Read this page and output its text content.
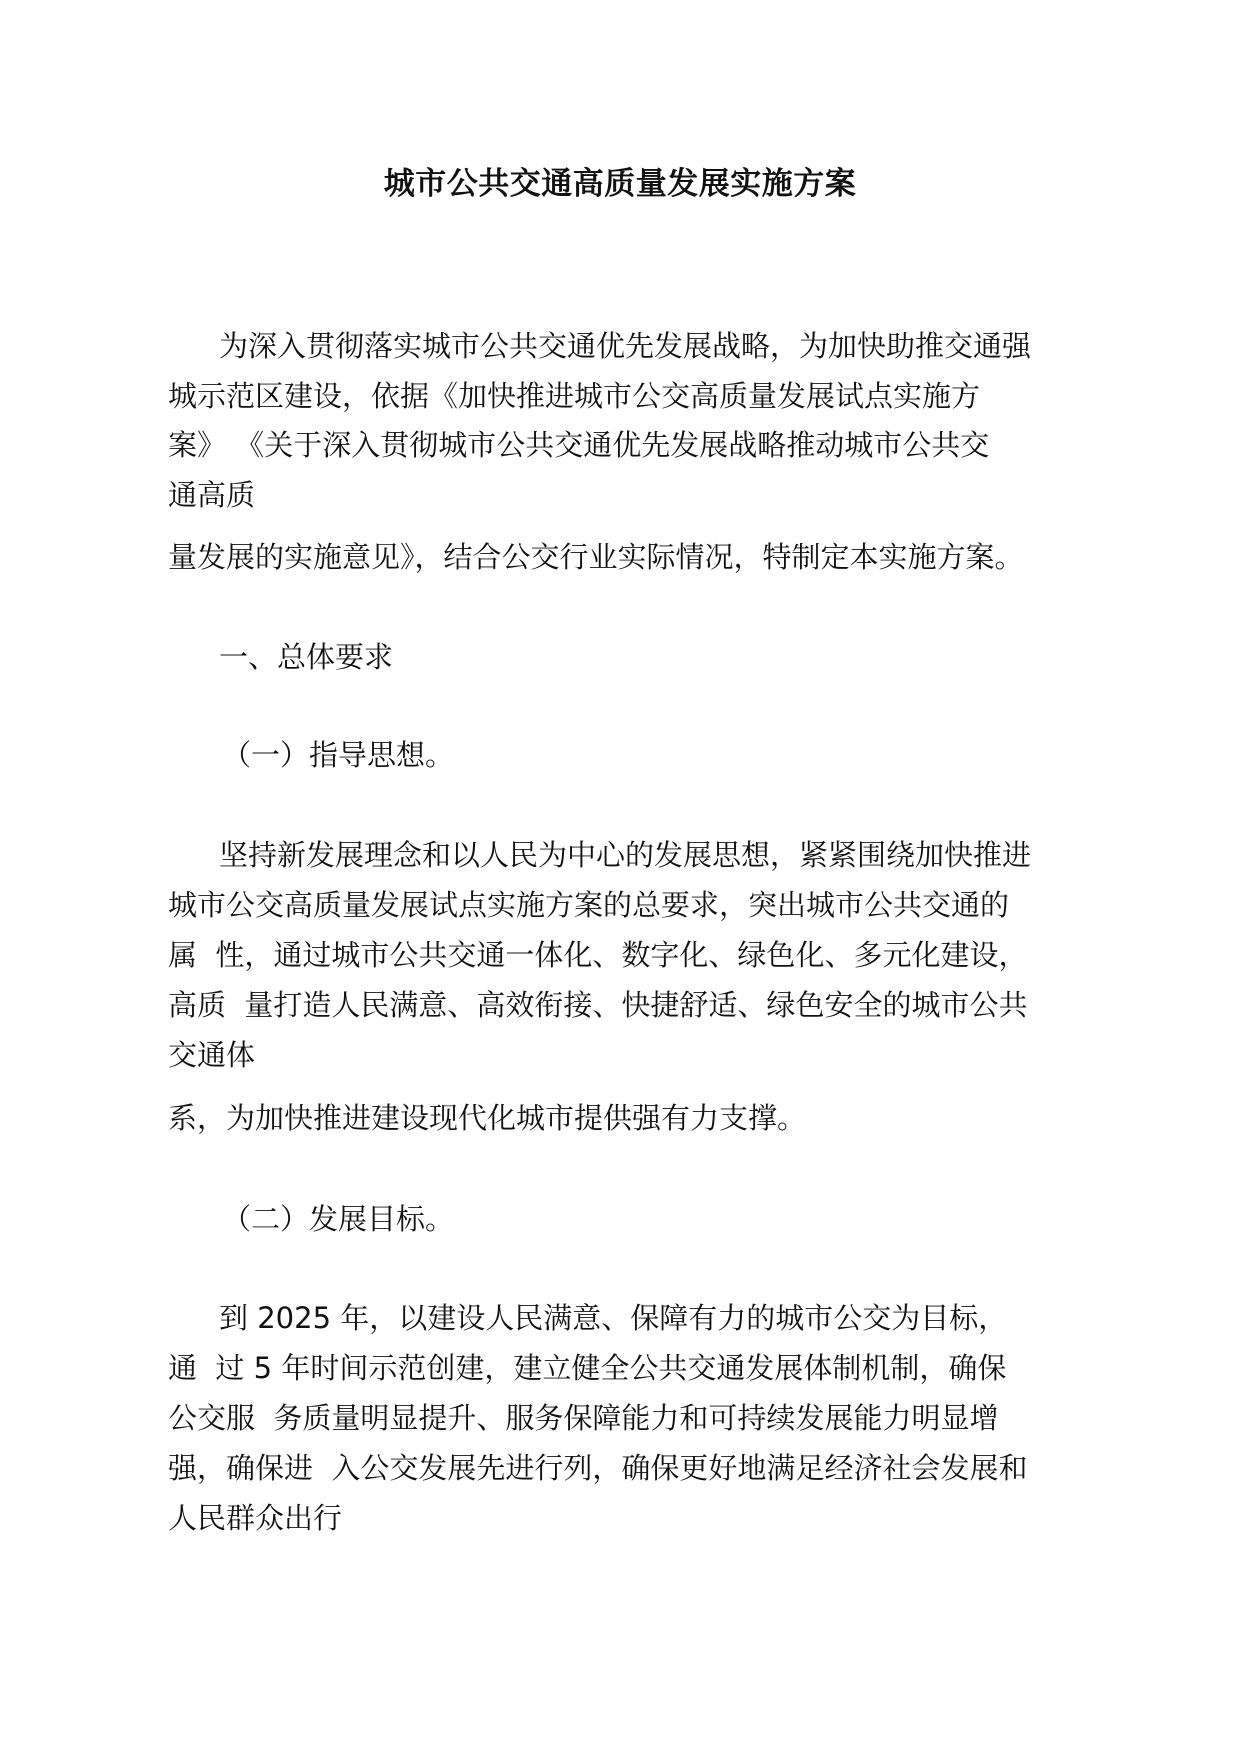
城市公共交通高质量发展实施方案
为深入贯彻落实城市公共交通优先发展战略，为加快助推交通强
城示范区建设，依据《加快推进城市公交高质量发展试点实施方
案》 《关于深入贯彻城市公共交通优先发展战略推动城市公共交
通高质
量发展的实施意见》，结合公交行业实际情况，特制定本实施方案。
一、总体要求
（一）指导思想。
坚持新发展理念和以人民为中心的发展思想，紧紧围绕加快推进
城市公交高质量发展试点实施方案的总要求，突出城市公共交通的
属  性，通过城市公共交通一体化、数字化、绿色化、多元化建设，
高质  量打造人民满意、高效衔接、快捷舒适、绿色安全的城市公共
交通体
系，为加快推进建设现代化城市提供强有力支撑。
（二）发展目标。
到 2025 年，以建设人民满意、保障有力的城市公交为目标，
通  过 5 年时间示范创建，建立健全公共交通发展体制机制，确保
公交服  务质量明显提升、服务保障能力和可持续发展能力明显增
强，确保进  入公交发展先进行列，确保更好地满足经济社会发展和
人民群众出行
